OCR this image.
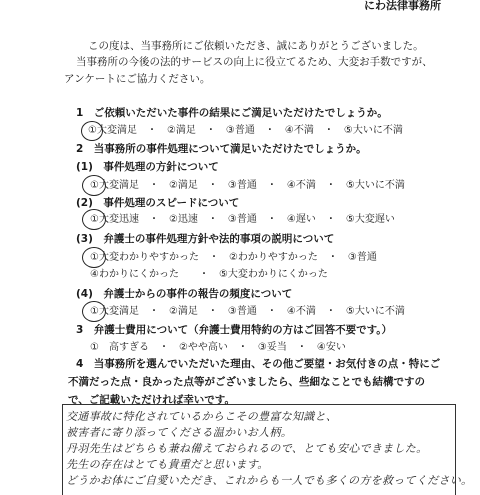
にわ法律事務所
この度は、当事務所にご依頼いただき、誠にありがとうございました。
当事務所の今後の法的サービスの向上に役立てるため、大変お手数ですが、
アンケートにご協力ください。
1　ご依頼いただいた事件の結果にご満足いただけたでしょうか。
①大変満足　・　②満足　・　③普通　・　④不満　・　⑤大いに不満
2　当事務所の事件処理について満足いただけたでしょうか。
(1)　事件処理の方針について
①大変満足　・　②満足　・　③普通　・　④不満　・　⑤大いに不満
(2)　事件処理のスピードについて
①大変迅速　・　②迅速　・　③普通　・　④遅い　・　⑤大変遅い
(3)　弁護士の事件処理方針や法的事項の説明について
①大変わかりやすかった　・　②わかりやすかった　・　③普通
④わかりにくかった　　・　⑤大変わかりにくかった
(4)　弁護士からの事件の報告の頻度について
①大変満足　・　②満足　・　③普通　・　④不満　・　⑤大いに不満
3　弁護士費用について（弁護士費用特約の方はご回答不要です。）
①　高すぎる　・　②やや高い　・　③妥当　・　④安い
4　当事務所を選んでいただいた理由、その他ご要望・お気付きの点・特にご
不満だった点・良かった点等がございましたら、些細なことでも結構ですの
で、ご記載いただければ幸いです。
交通事故に特化されているからこその豊富な知識と、
被害者に寄り添ってくださる温かいお人柄。
丹羽先生はどちらも兼ね備えておられるので、とても安心できました。
先生の存在はとても貴重だと思います。
どうかお体にご自愛いただき、これからも一人でも多くの方を救ってください。
